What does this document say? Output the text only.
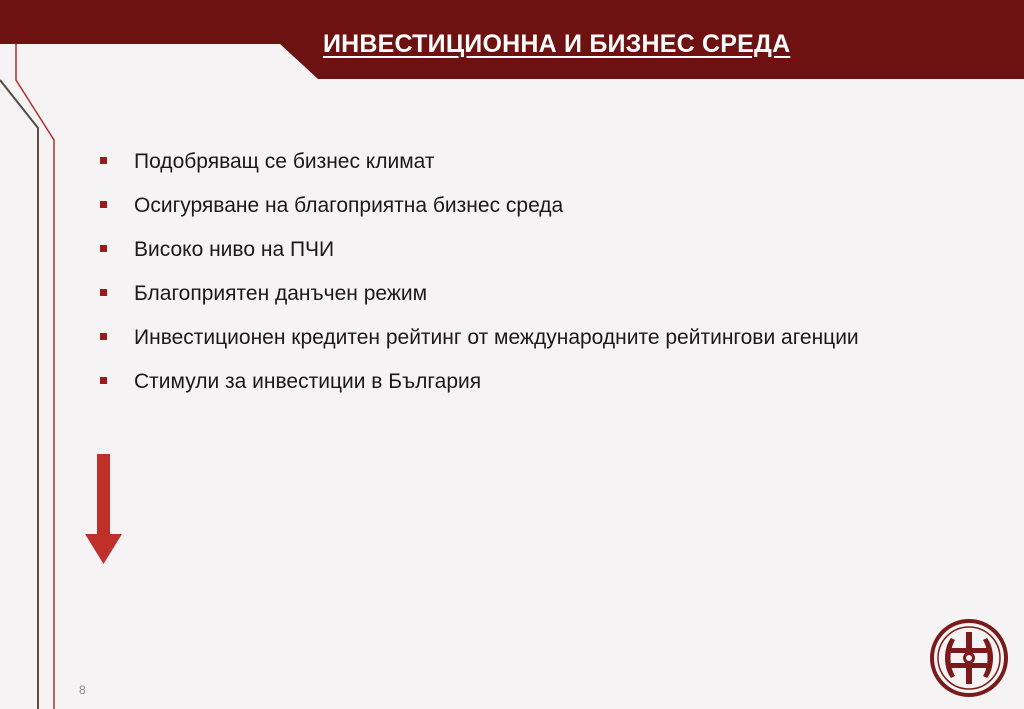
ИНВЕСТИЦИОННА И БИЗНЕС СРЕДА
Подобряващ се бизнес климат
Осигуряване на благоприятна бизнес среда
Високо ниво на ПЧИ
Благоприятен данъчен режим
Инвестиционен кредитен рейтинг от международните рейтингови агенции
Стимули за инвестиции в България
8
